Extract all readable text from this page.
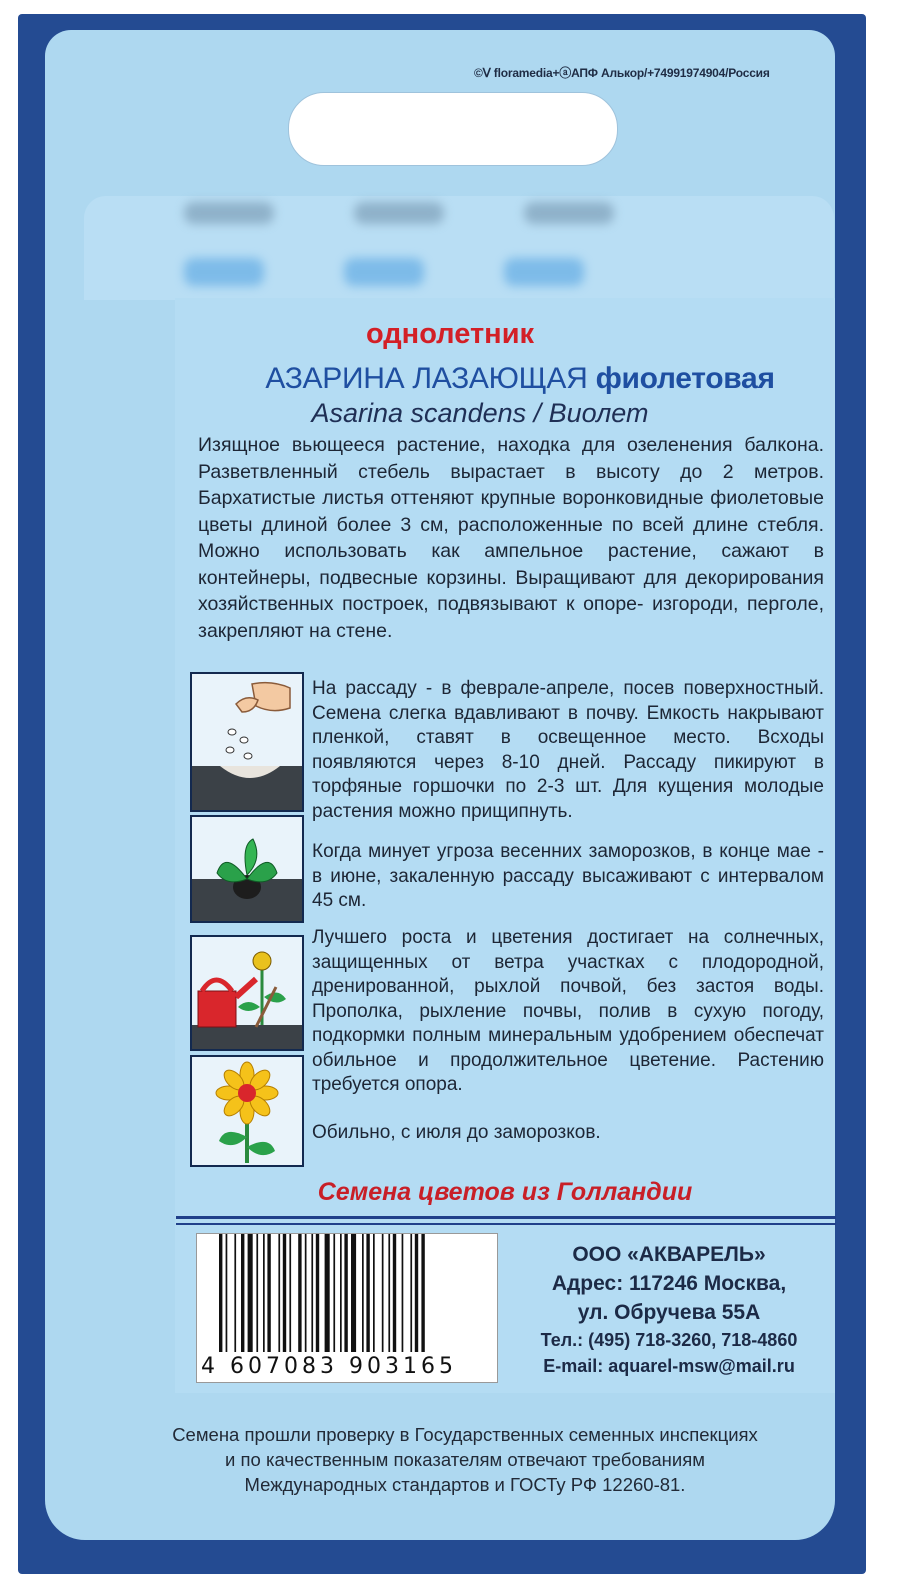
©ᐯ floramedia+ⓐАПФ Алькор/+74991974904/Россия
однолетник
АЗАРИНА ЛАЗАЮЩАЯ фиолетовая
Asarina scandens / Виолет
Изящное вьющееся растение, находка для озеленения балкона. Разветвленный стебель вырастает в высоту до 2 метров. Бархатистые листья оттеняют крупные воронковидные фиолетовые цветы длиной более 3 см, расположенные по всей длине стебля. Можно использовать как ампельное растение, сажают в контейнеры, подвесные корзины. Выращивают для декорирования хозяйственных построек, подвязывают к опоре- изгороди, перголе, закрепляют на стене.
На рассаду - в феврале-апреле, посев поверхностный. Семена слегка вдавливают в почву. Емкость накрывают пленкой, ставят в освещенное место. Всходы появляются через 8-10 дней. Рассаду пикируют в торфяные горшочки по 2-3 шт. Для кущения молодые растения можно прищипнуть.
Когда минует угроза весенних заморозков, в конце мае - в июне, закаленную рассаду высаживают с интервалом 45 см.
Лучшего роста и цветения достигает на солнечных, защищенных от ветра участках с плодородной, дренированной, рыхлой почвой, без застоя воды. Прополка, рыхление почвы, полив в сухую погоду, подкормки полным минеральным удобрением обеспечат обильное и продолжительное цветение. Растению требуется опора.
Обильно, с июля до заморозков.
Семена цветов из Голландии
4 607083 903165
ООО «АКВАРЕЛЬ»
Адрес: 117246 Москва,
ул. Обручева 55А
Тел.: (495) 718-3260, 718-4860
E-mail: aquarel-msw@mail.ru
Семена прошли проверку в Государственных семенных инспекциях
и по качественным показателям отвечают требованиям
Международных стандартов и ГОСТу РФ 12260-81.
